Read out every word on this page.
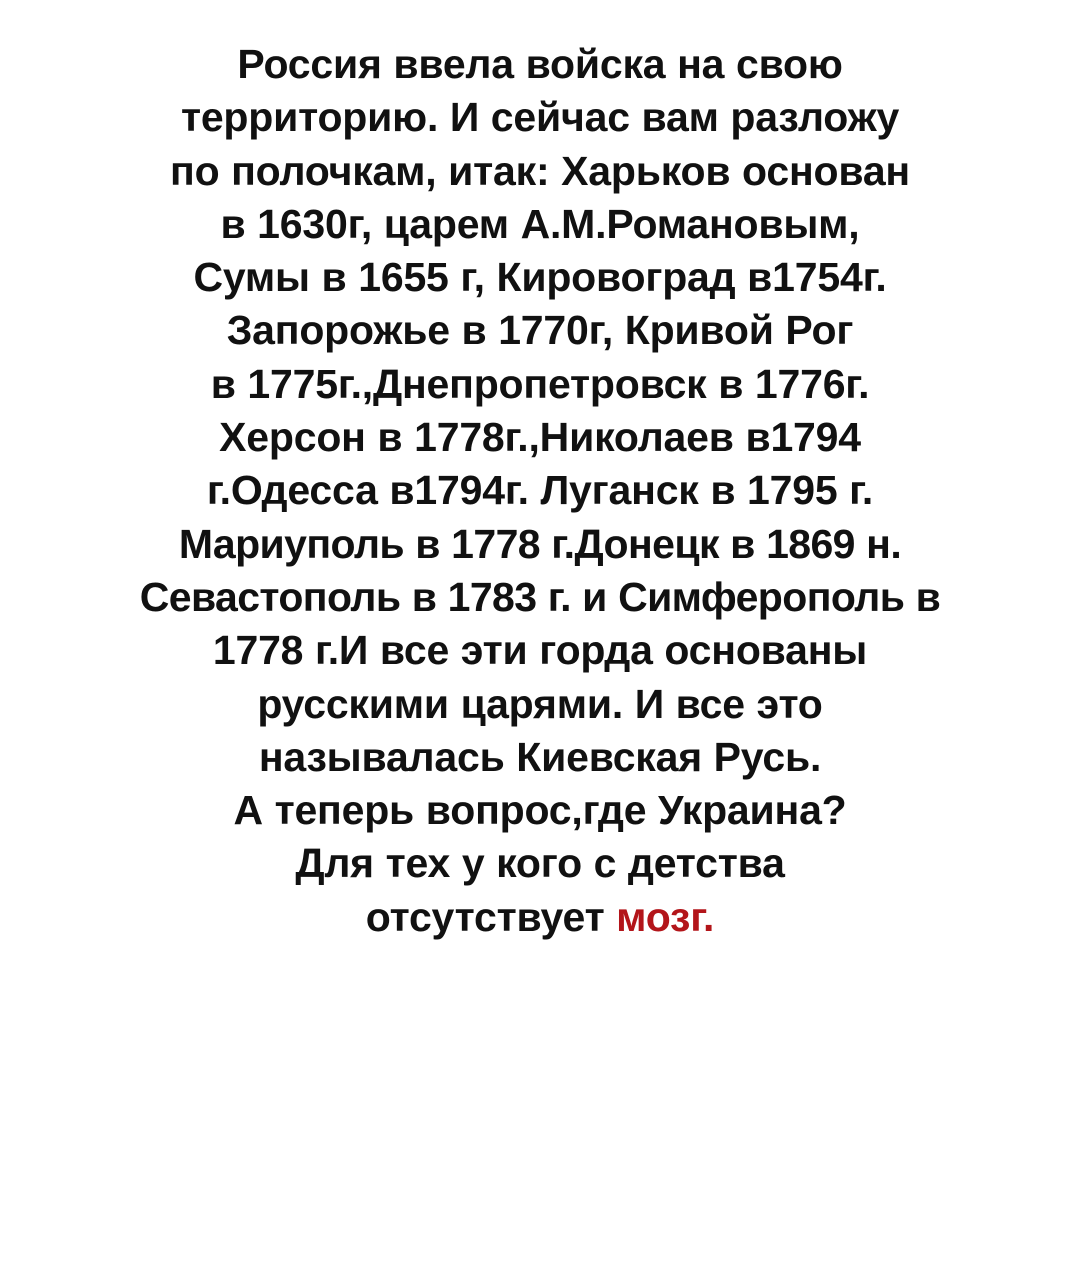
Россия ввела войска на свою
территорию. И сейчас вам разложу
по полочкам, итак: Харьков основан
в 1630г, царем А.М.Романовым,
Сумы в 1655 г, Кировоград в1754г.
Запорожье в 1770г, Кривой Рог
в 1775г.,Днепропетровск в 1776г.
Херсон в 1778г.,Николаев в1794
г.Одесса в1794г. Луганск в 1795 г.
Мариуполь в 1778 г.Донецк в 1869 н.
Севастополь в 1783 г. и Симферополь в
1778 г.И все эти горда основаны
русскими царями. И все это
называлась Киевская Русь.
А теперь вопрос,где Украина?
Для тех у кого с детства
отсутствует мозг.
